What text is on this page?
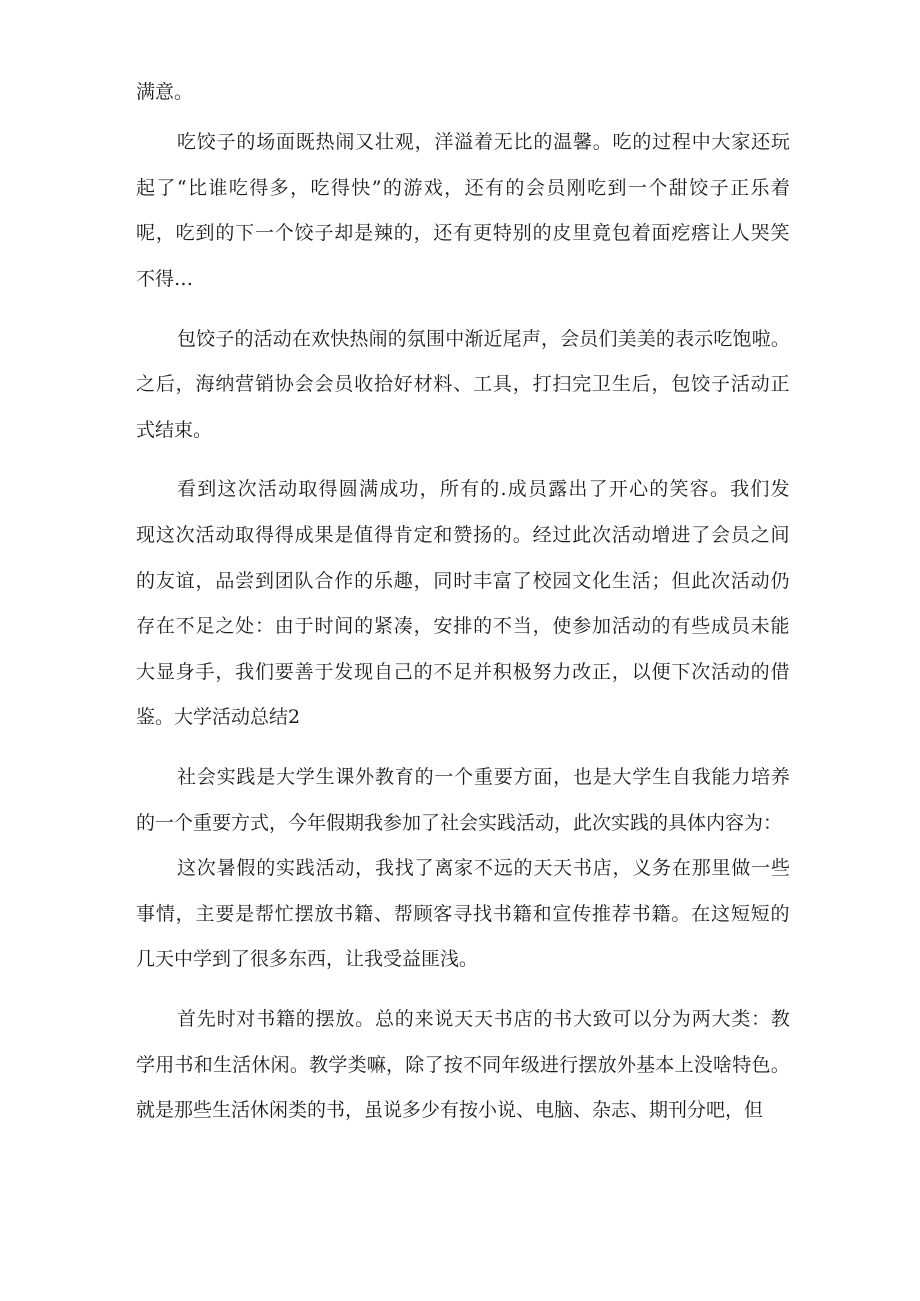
满意。
吃 饺 子 的 场 面 既 热 闹 又 壮 观 ， 洋 溢 着 无 比 的 温 馨 。 吃 的 过 程 中 大 家 还 玩
起 了 “ 比 谁 吃 得 多 ， 吃 得 快 ” 的 游 戏 ， 还 有 的 会 员 刚 吃 到 一 个 甜 饺 子 正 乐 着
呢 ， 吃 到 的 下 一 个 饺 子 却 是 辣 的 ， 还 有 更 特 别 的 皮 里 竟 包 着 面 疙 瘩 让 人 哭 笑
不得…
包 饺 子 的 活 动 在 欢 快 热 闹 的 氛 围 中 渐 近 尾 声 ， 会 员 们 美 美 的 表 示 吃 饱 啦 。
之 后 ， 海 纳 营 销 协 会 会 员 收 拾 好 材 料 、 工 具 ， 打 扫 完 卫 生 后 ， 包 饺 子 活 动 正
式结束。
看 到 这 次 活 动 取 得 圆 满 成 功 ， 所 有 的 . 成 员 露 出 了 开 心 的 笑 容 。 我 们 发
现 这 次 活 动 取 得 得 成 果 是 值 得 肯 定 和 赞 扬 的 。 经 过 此 次 活 动 增 进 了 会 员 之 间
的 友 谊 ， 品 尝 到 团 队 合 作 的 乐 趣 ， 同 时 丰 富 了 校 园 文 化 生 活 ； 但 此 次 活 动 仍
存 在 不 足 之 处 ： 由 于 时 间 的 紧 凑 ， 安 排 的 不 当 ， 使 参 加 活 动 的 有 些 成 员 未 能
大 显 身 手 ， 我 们 要 善 于 发 现 自 己 的 不 足 并 积 极 努 力 改 正 ， 以 便 下 次 活 动 的 借
鉴。大学活动总结2
社 会 实 践 是 大 学 生 课 外 教 育 的 一 个 重 要 方 面 ， 也 是 大 学 生 自 我 能 力 培 养
的一个重要方式，今年假期我参加了社会实践活动，此次实践的具体内容为：
这 次 暑 假 的 实 践 活 动 ， 我 找 了 离 家 不 远 的 天 天 书 店 ， 义 务 在 那 里 做 一 些
事 情 ， 主 要 是 帮 忙 摆 放 书 籍 、 帮 顾 客 寻 找 书 籍 和 宣 传 推 荐 书 籍 。 在 这 短 短 的
几天中学到了很多东西，让我受益匪浅。
首 先 时 对 书 籍 的 摆 放 。 总 的 来 说 天 天 书 店 的 书 大 致 可 以 分 为 两 大 类 ： 教
学 用 书 和 生 活 休 闲 。 教 学 类 嘛 ， 除 了 按 不 同 年 级 进 行 摆 放 外 基 本 上 没 啥 特 色 。
就是那些生活休闲类的书，虽说多少有按小说、电脑、杂志、期刊分吧，但
